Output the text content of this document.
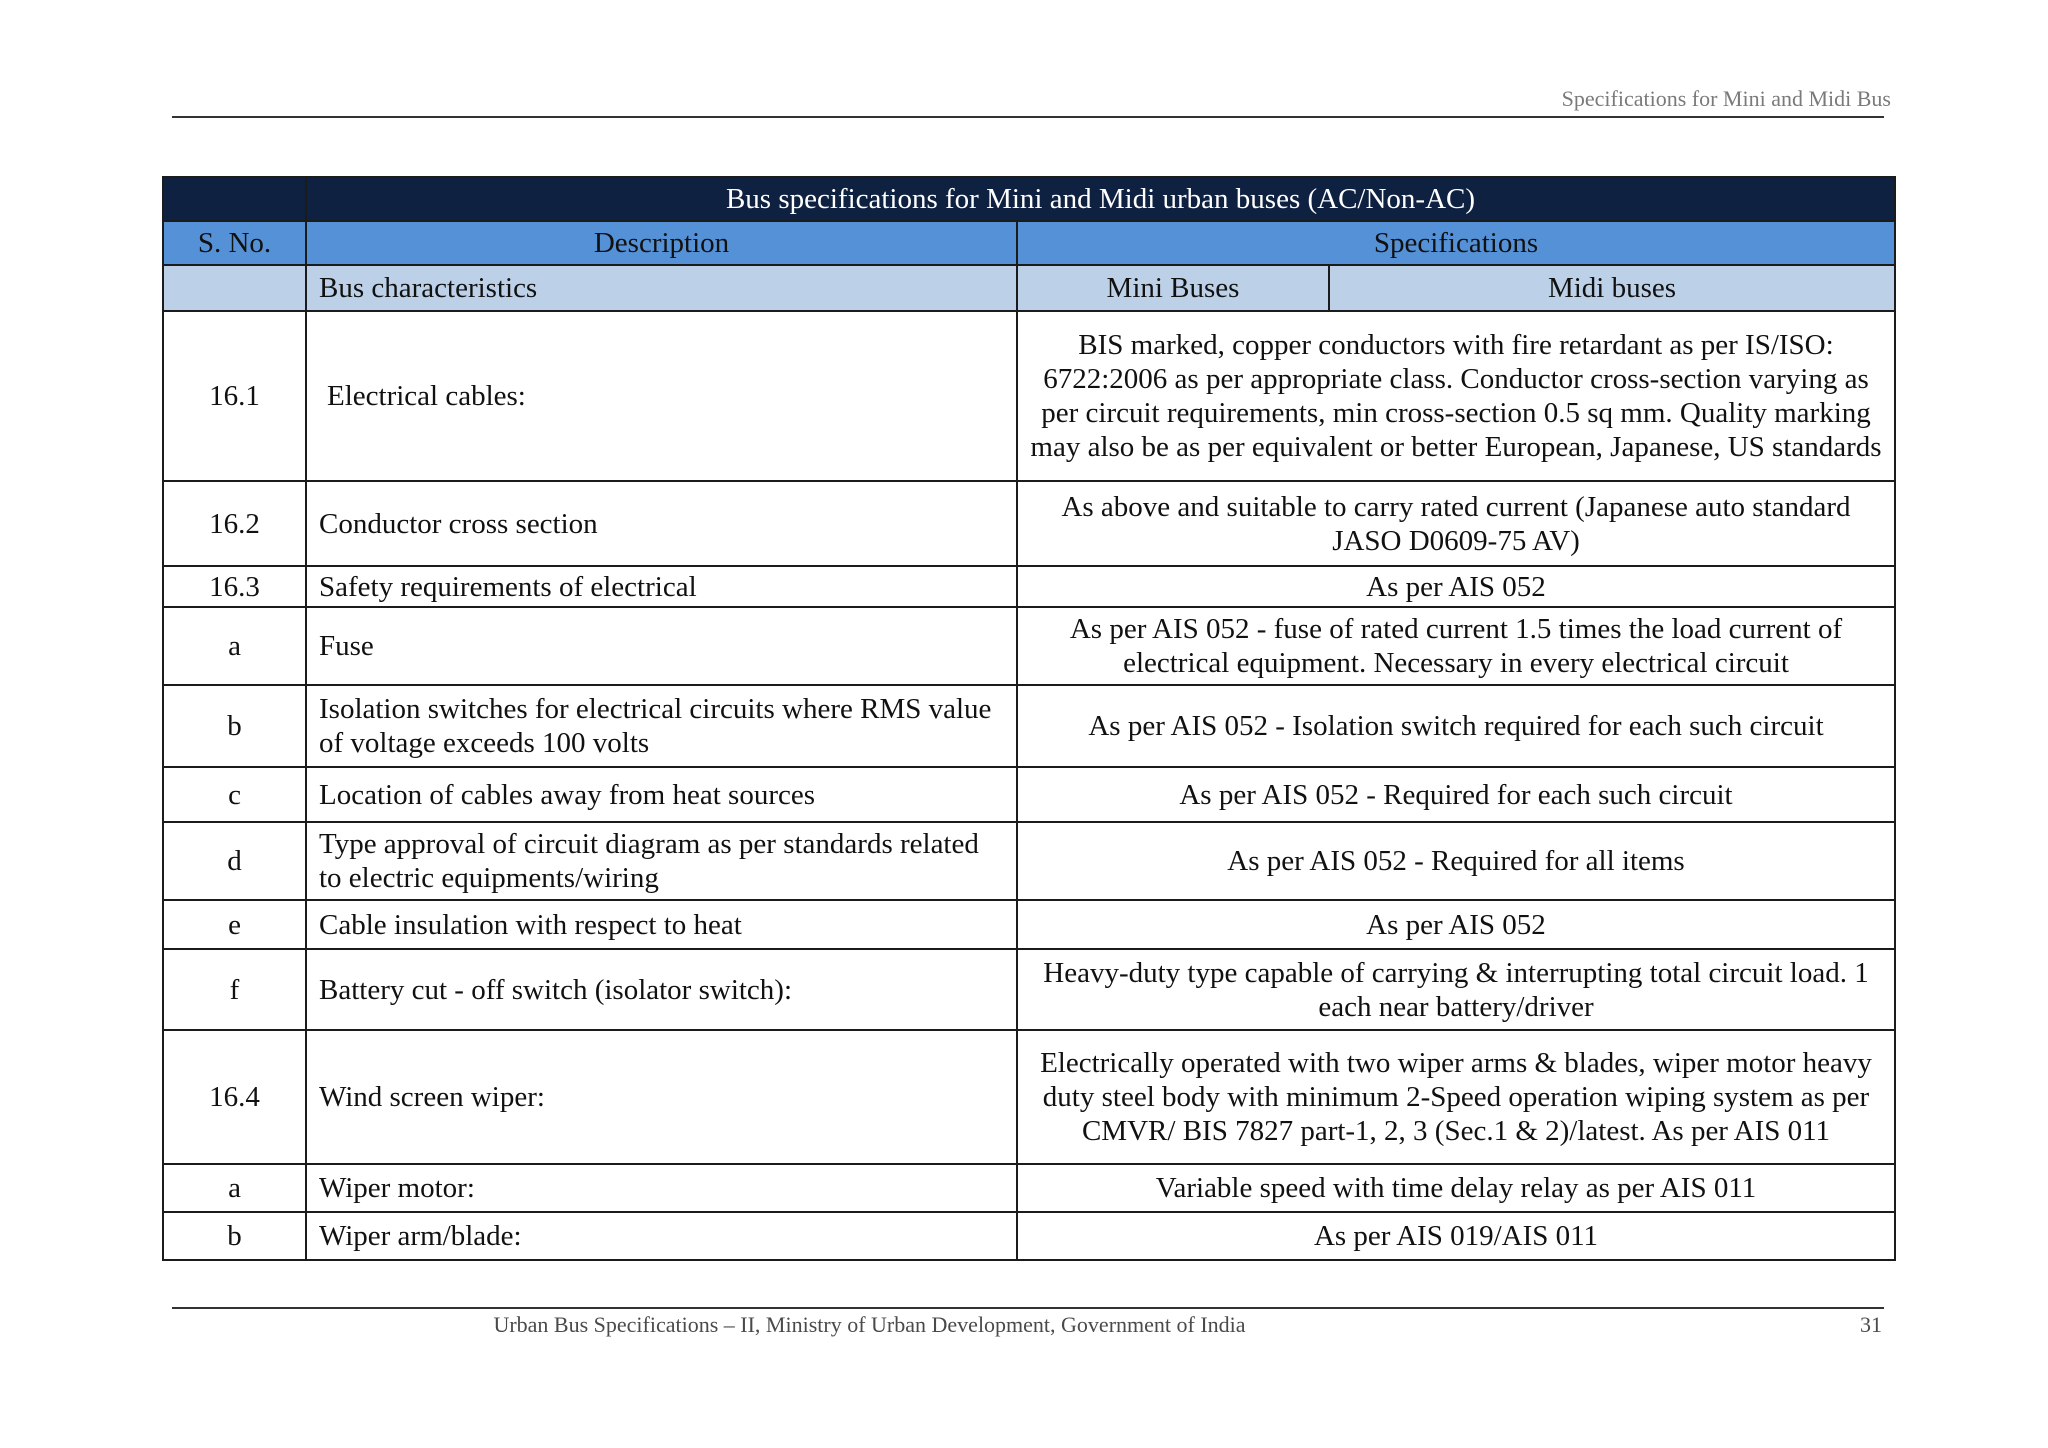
Specifications for Mini and Midi Bus
	Bus specifications for Mini and Midi urban buses (AC/Non-AC)		
S. No.	Description	Specifications	
	Bus characteristics	Mini Buses	Midi buses
16.1	Electrical cables:	BIS marked, copper conductors with fire retardant as per IS/ISO: 6722:2006 as per appropriate class. Conductor cross-section varying as per circuit requirements, min cross-section 0.5 sq mm. Quality marking may also be as per equivalent or better European, Japanese, US standards	
16.2	Conductor cross section	As above and suitable to carry rated current (Japanese auto standard JASO D0609-75 AV)	
16.3	Safety requirements of electrical	As per AIS 052	
a	Fuse	As per AIS 052 - fuse of rated current 1.5 times the load current of electrical equipment. Necessary in every electrical circuit	
b	Isolation switches for electrical circuits where RMS value of voltage exceeds 100 volts	As per AIS 052 - Isolation switch required for each such circuit	
c	Location of cables away from heat sources	As per AIS 052 - Required for each such circuit	
d	Type approval of circuit diagram as per standards related to electric equipments/wiring	As per AIS 052 - Required for all items	
e	Cable insulation with respect to heat	As per AIS 052	
f	Battery cut - off switch (isolator switch):	Heavy-duty type capable of carrying & interrupting total circuit load. 1 each near battery/driver	
16.4	Wind screen wiper:	Electrically operated with two wiper arms & blades, wiper motor heavy duty steel body with minimum 2-Speed operation wiping system as per CMVR/ BIS 7827 part-1, 2, 3 (Sec.1 & 2)/latest. As per AIS 011	
a	Wiper motor:	Variable speed with time delay relay as per AIS 011	
b	Wiper arm/blade:	As per AIS 019/AIS 011	
Urban Bus Specifications – II, Ministry of Urban Development, Government of India	31
